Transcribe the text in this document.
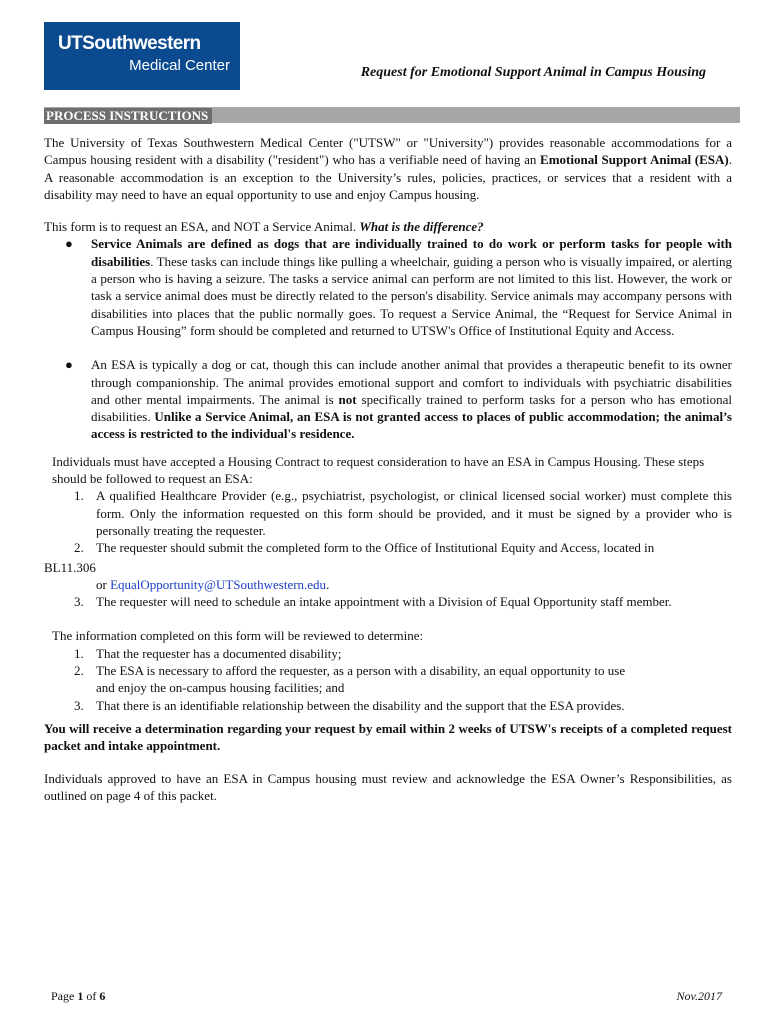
UTSouthwestern
Medical Center	Request for Emotional Support Animal in Campus Housing
PROCESS INSTRUCTIONS

The University of Texas Southwestern Medical Center ("UTSW" or "University") provides reasonable accommodations for a Campus housing resident with a disability ("resident") who has a verifiable need of having an Emotional Support Animal (ESA). A reasonable accommodation is an exception to the University’s rules, policies, practices, or services that a resident with a disability may need to have an equal opportunity to use and enjoy Campus housing.

This form is to request an ESA, and NOT a Service Animal. What is the difference?

● Service Animals are defined as dogs that are individually trained to do work or perform tasks for people with disabilities. These tasks can include things like pulling a wheelchair, guiding a person who is visually impaired, or alerting a person who is having a seizure. The tasks a service animal can perform are not limited to this list. However, the work or task a service animal does must be directly related to the person's disability. Service animals may accompany persons with disabilities into places that the public normally goes. To request a Service Animal, the “Request for Service Animal in Campus Housing” form should be completed and returned to UTSW's Office of Institutional Equity and Access.
● An ESA is typically a dog or cat, though this can include another animal that provides a therapeutic benefit to its owner through companionship. The animal provides emotional support and comfort to individuals with psychiatric disabilities and other mental impairments. The animal is not specifically trained to perform tasks for a person who has emotional disabilities. Unlike a Service Animal, an ESA is not granted access to places of public accommodation; the animal’s access is restricted to the individual's residence.

Individuals must have accepted a Housing Contract to request consideration to have an ESA in Campus Housing. These steps should be followed to request an ESA:

1. A qualified Healthcare Provider (e.g., psychiatrist, psychologist, or clinical licensed social worker) must complete this form. Only the information requested on this form should be provided, and it must be signed by a provider who is personally treating the requester.
2. The requester should submit the completed form to the Office of Institutional Equity and Access, located in
BL11.306
or EqualOpportunity@UTSouthwestern.edu.
3. The requester will need to schedule an intake appointment with a Division of Equal Opportunity staff member.

The information completed on this form will be reviewed to determine:

1. That the requester has a documented disability;
2. The ESA is necessary to afford the requester, as a person with a disability, an equal opportunity to use and enjoy the on-campus housing facilities; and
3. That there is an identifiable relationship between the disability and the support that the ESA provides.

You will receive a determination regarding your request by email within 2 weeks of UTSW's receipts of a completed request packet and intake appointment.

Individuals approved to have an ESA in Campus housing must review and acknowledge the ESA Owner’s Responsibilities, as outlined on page 4 of this packet.

Page 1 of 6	Nov.2017
